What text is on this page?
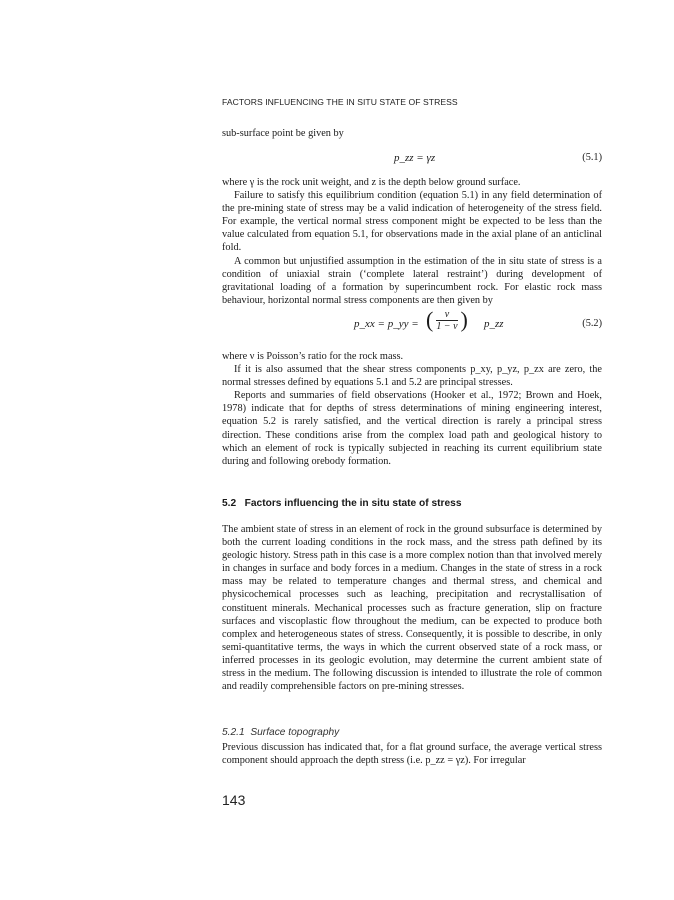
FACTORS INFLUENCING THE IN SITU STATE OF STRESS
sub-surface point be given by
p_zz = γz	(5.1)

where γ is the rock unit weight, and z is the depth below ground surface.

Failure to satisfy this equilibrium condition (equation 5.1) in any field determination of the pre-mining state of stress may be a valid indication of heterogeneity of the stress field. For example, the vertical normal stress component might be expected to be less than the value calculated from equation 5.1, for observations made in the axial plane of an anticlinal fold.

A common but unjustified assumption in the estimation of the in situ state of stress is a condition of uniaxial strain (‘complete lateral restraint’) during development of gravitational loading of a formation by superincumbent rock. For elastic rock mass behaviour, horizontal normal stress components are then given by

p_xx = p_yy = ( $\frac{\nu}{1 - \nu}$ ) p_zz	(5.2)

where ν is Poisson’s ratio for the rock mass.

If it is also assumed that the shear stress components p_xy, p_yz, p_zx are zero, the normal stresses defined by equations 5.1 and 5.2 are principal stresses.

Reports and summaries of field observations (Hooker et al., 1972; Brown and Hoek, 1978) indicate that for depths of stress determinations of mining engineering interest, equation 5.2 is rarely satisfied, and the vertical direction is rarely a principal stress direction. These conditions arise from the complex load path and geological history to which an element of rock is typically subjected in reaching its current equilibrium state during and following orebody formation.

5.2 Factors influencing the in situ state of stress

The ambient state of stress in an element of rock in the ground subsurface is determined by both the current loading conditions in the rock mass, and the stress path defined by its geologic history. Stress path in this case is a more complex notion than that involved merely in changes in surface and body forces in a medium. Changes in the state of stress in a rock mass may be related to temperature changes and thermal stress, and chemical and physicochemical processes such as leaching, precipitation and recrystallisation of constituent minerals. Mechanical processes such as fracture generation, slip on fracture surfaces and viscoplastic flow throughout the medium, can be expected to produce both complex and heterogeneous states of stress. Consequently, it is possible to describe, in only semi-quantitative terms, the ways in which the current observed state of a rock mass, or inferred processes in its geologic evolution, may determine the current ambient state of stress in the medium. The following discussion is intended to illustrate the role of common and readily comprehensible factors on pre-mining stresses.

5.2.1 Surface topography

Previous discussion has indicated that, for a flat ground surface, the average vertical stress component should approach the depth stress (i.e. p_zz = γz). For irregular

143
